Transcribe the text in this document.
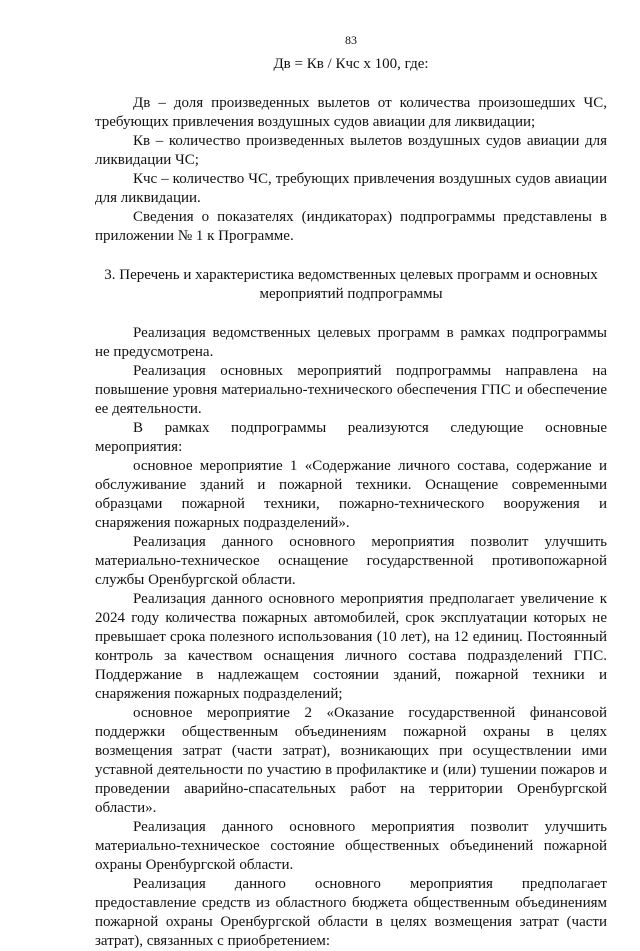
83
Дв = Кв / Кчс х 100, где:

Дв – доля произведенных вылетов от количества произошедших ЧС, требующих привлечения воздушных судов авиации для ликвидации;

Кв – количество произведенных вылетов воздушных судов авиации для ликвидации ЧС;

Кчс – количество ЧС, требующих привлечения воздушных судов авиации для ликвидации.

Сведения о показателях (индикаторах) подпрограммы представлены в приложении № 1 к Программе.

3. Перечень и характеристика ведомственных целевых программ и основных мероприятий подпрограммы

Реализация ведомственных целевых программ в рамках подпрограммы не предусмотрена.

Реализация основных мероприятий подпрограммы направлена на повышение уровня материально-технического обеспечения ГПС и обеспечение ее деятельности.

В рамках подпрограммы реализуются следующие основные мероприятия:

основное мероприятие 1 «Содержание личного состава, содержание и обслуживание зданий и пожарной техники. Оснащение современными образцами пожарной техники, пожарно-технического вооружения и снаряжения пожарных подразделений».

Реализация данного основного мероприятия позволит улучшить материально-техническое оснащение государственной противопожарной службы Оренбургской области.

Реализация данного основного мероприятия предполагает увеличение к 2024 году количества пожарных автомобилей, срок эксплуатации которых не превышает срока полезного использования (10 лет), на 12 единиц. Постоянный контроль за качеством оснащения личного состава подразделений ГПС. Поддержание в надлежащем состоянии зданий, пожарной техники и снаряжения пожарных подразделений;

основное мероприятие 2 «Оказание государственной финансовой поддержки общественным объединениям пожарной охраны в целях возмещения затрат (части затрат), возникающих при осуществлении ими уставной деятельности по участию в профилактике и (или) тушении пожаров и проведении аварийно-спасательных работ на территории Оренбургской области».

Реализация данного основного мероприятия позволит улучшить материально-техническое состояние общественных объединений пожарной охраны Оренбургской области.

Реализация данного основного мероприятия предполагает предоставление средств из областного бюджета общественным объединениям пожарной охраны Оренбургской области в целях возмещения затрат (части затрат), связанных с приобретением:
